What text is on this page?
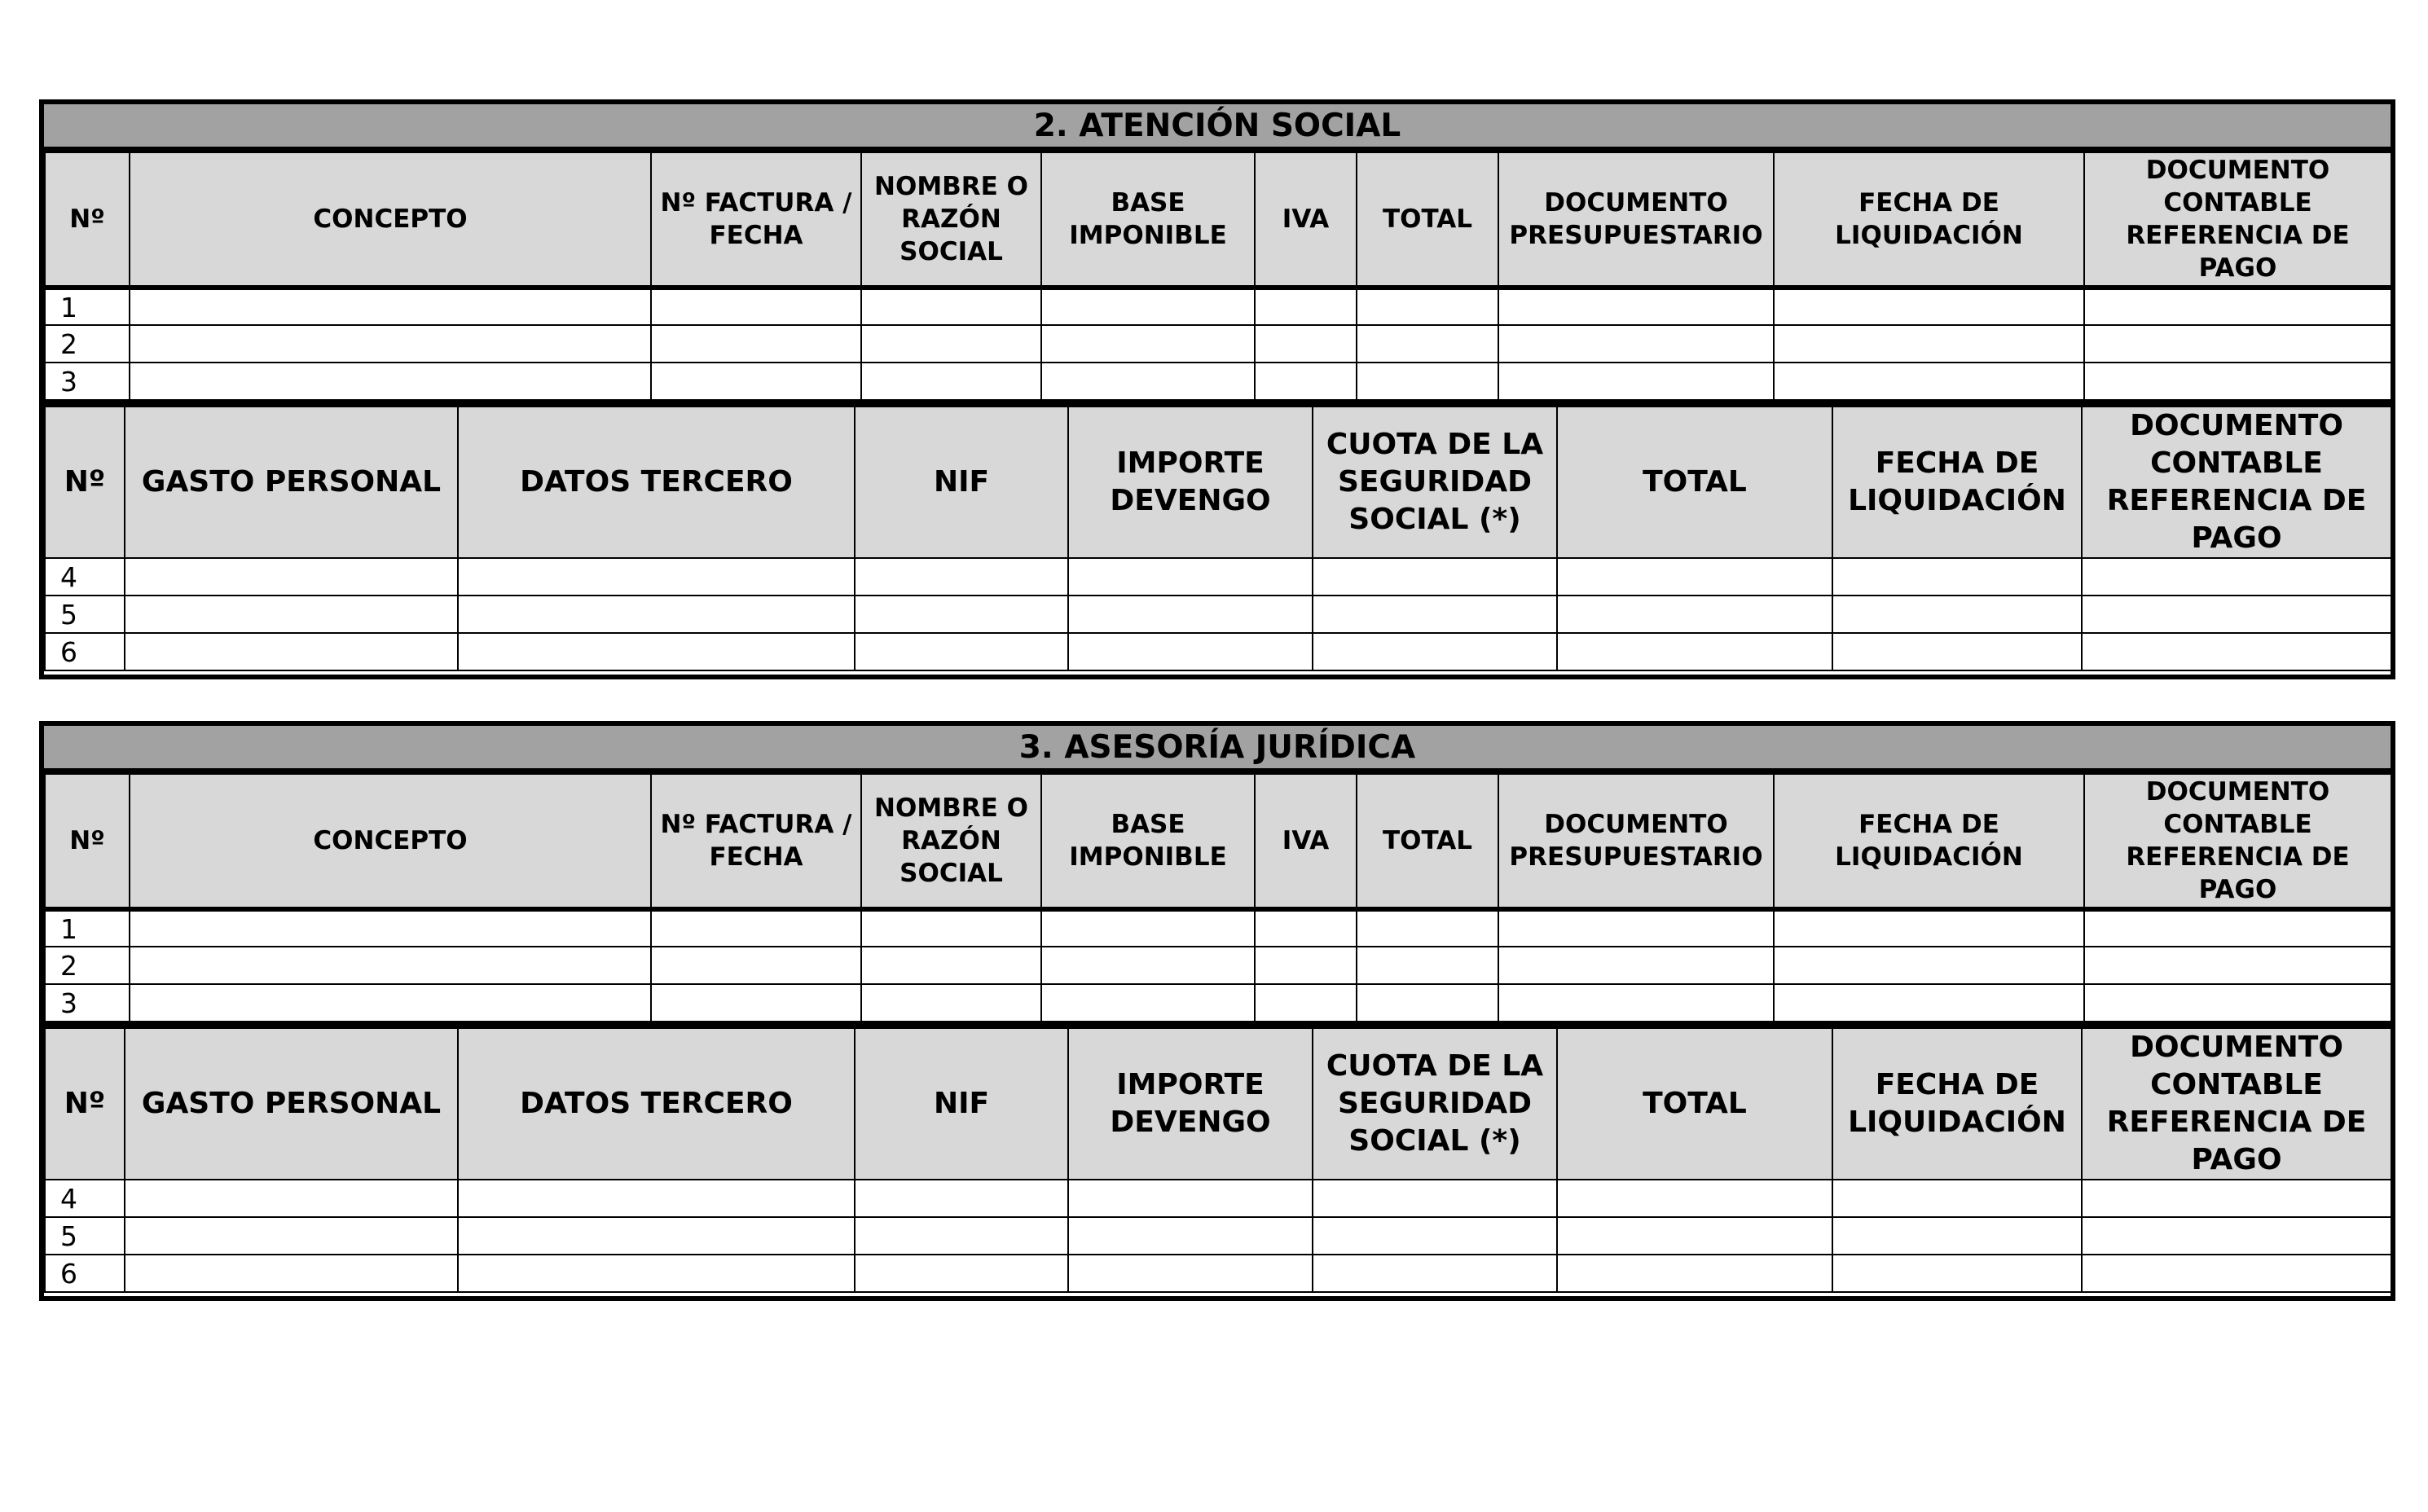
2. ATENCIÓN SOCIAL
Nº	CONCEPTO	Nº FACTURA / FECHA	NOMBRE O RAZÓN SOCIAL	BASE IMPONIBLE	IVA	TOTAL	DOCUMENTO PRESUPUESTARIO	FECHA DE LIQUIDACIÓN	DOCUMENTO CONTABLE REFERENCIA DE PAGO
1									
2									
3									
Nº	GASTO PERSONAL	DATOS TERCERO	NIF	IMPORTE DEVENGO	CUOTA DE LA SEGURIDAD SOCIAL (*)	TOTAL	FECHA DE LIQUIDACIÓN	DOCUMENTO CONTABLE REFERENCIA DE PAGO
4								
5								
6								
3. ASESORÍA JURÍDICA
Nº	CONCEPTO	Nº FACTURA / FECHA	NOMBRE O RAZÓN SOCIAL	BASE IMPONIBLE	IVA	TOTAL	DOCUMENTO PRESUPUESTARIO	FECHA DE LIQUIDACIÓN	DOCUMENTO CONTABLE REFERENCIA DE PAGO
1									
2									
3									
Nº	GASTO PERSONAL	DATOS TERCERO	NIF	IMPORTE DEVENGO	CUOTA DE LA SEGURIDAD SOCIAL (*)	TOTAL	FECHA DE LIQUIDACIÓN	DOCUMENTO CONTABLE REFERENCIA DE PAGO
4								
5								
6								
